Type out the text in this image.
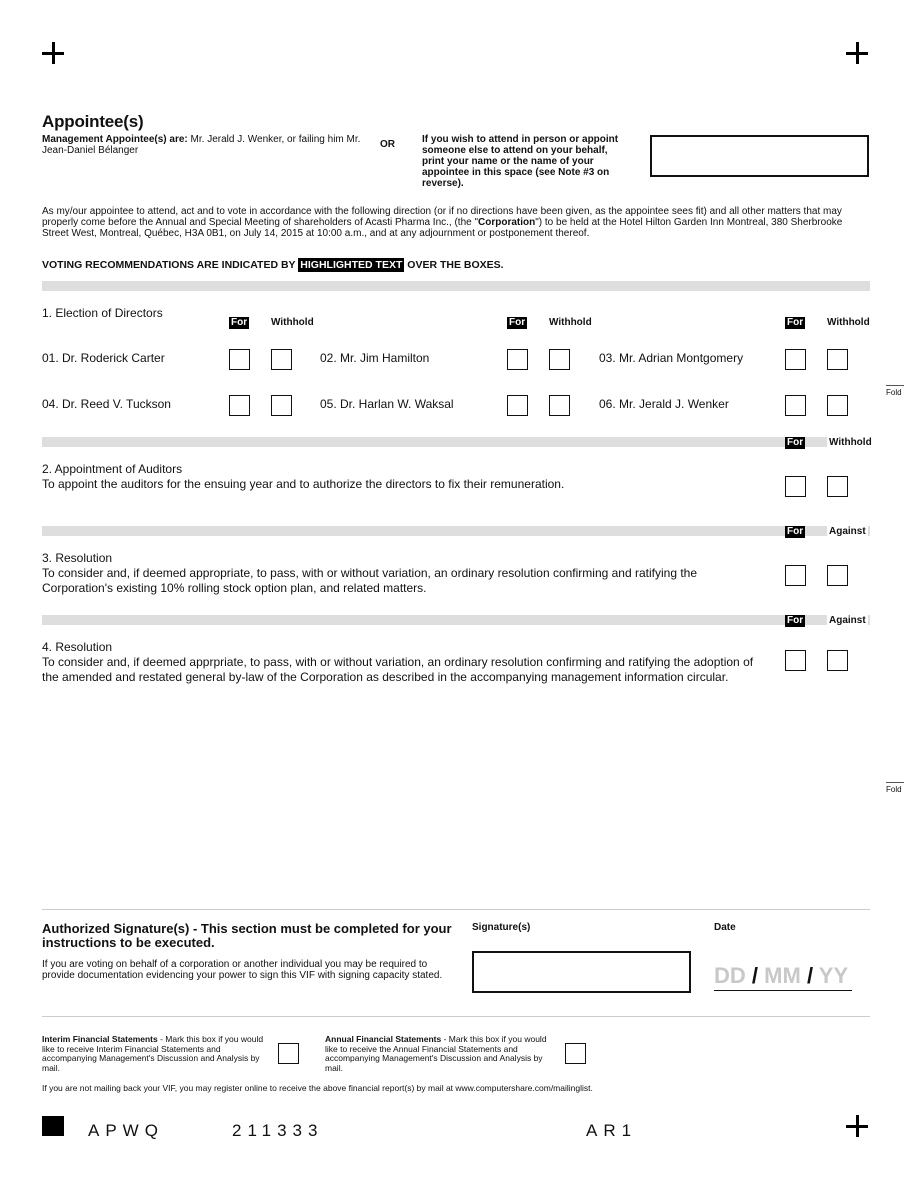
Appointee(s)
Management Appointee(s) are: Mr. Jerald J. Wenker, or failing him Mr. Jean-Daniel Bélanger
OR	If you wish to attend in person or appoint someone else to attend on your behalf, print your name or the name of your appointee in this space (see Note #3 on reverse).
As my/our appointee to attend, act and to vote in accordance with the following direction (or if no directions have been given, as the appointee sees fit) and all other matters that may properly come before the Annual and Special Meeting of shareholders of Acasti Pharma Inc., (the "Corporation") to be held at the Hotel Hilton Garden Inn Montreal, 380 Sherbrooke Street West, Montreal, Québec, H3A 0B1, on July 14, 2015 at 10:00 a.m., and at any adjournment or postponement thereof.
VOTING RECOMMENDATIONS ARE INDICATED BY HIGHLIGHTED TEXT OVER THE BOXES.
1. Election of Directors
For Withhold	For Withhold	For Withhold
01. Dr. Roderick Carter	02. Mr. Jim Hamilton	03. Mr. Adrian Montgomery
04. Dr. Reed V. Tuckson	05. Dr. Harlan W. Waksal	06. Mr. Jerald J. Wenker
Fold
For	Withhold
2. Appointment of Auditors
To appoint the auditors for the ensuing year and to authorize the directors to fix their remuneration.
For	Against
3. Resolution
To consider and, if deemed appropriate, to pass, with or without variation, an ordinary resolution confirming and ratifying the Corporation's existing 10% rolling stock option plan, and related matters.
For	Against
4. Resolution
To consider and, if deemed apprpriate, to pass, with or without variation, an ordinary resolution confirming and ratifying the adoption of the amended and restated general by-law of the Corporation as described in the accompanying management information circular.
Fold
Authorized Signature(s) - This section must be completed for your instructions to be executed.
If you are voting on behalf of a corporation or another individual you may be required to provide documentation evidencing your power to sign this VIF with signing capacity stated.
Signature(s)	Date
DD / MM / YY
Interim Financial Statements - Mark this box if you would like to receive Interim Financial Statements and accompanying Management's Discussion and Analysis by mail.
Annual Financial Statements - Mark this box if you would like to receive the Annual Financial Statements and accompanying Management's Discussion and Analysis by mail.
If you are not mailing back your VIF, you may register online to receive the above financial report(s) by mail at www.computershare.com/mailinglist.
APWQ	211333	AR1
